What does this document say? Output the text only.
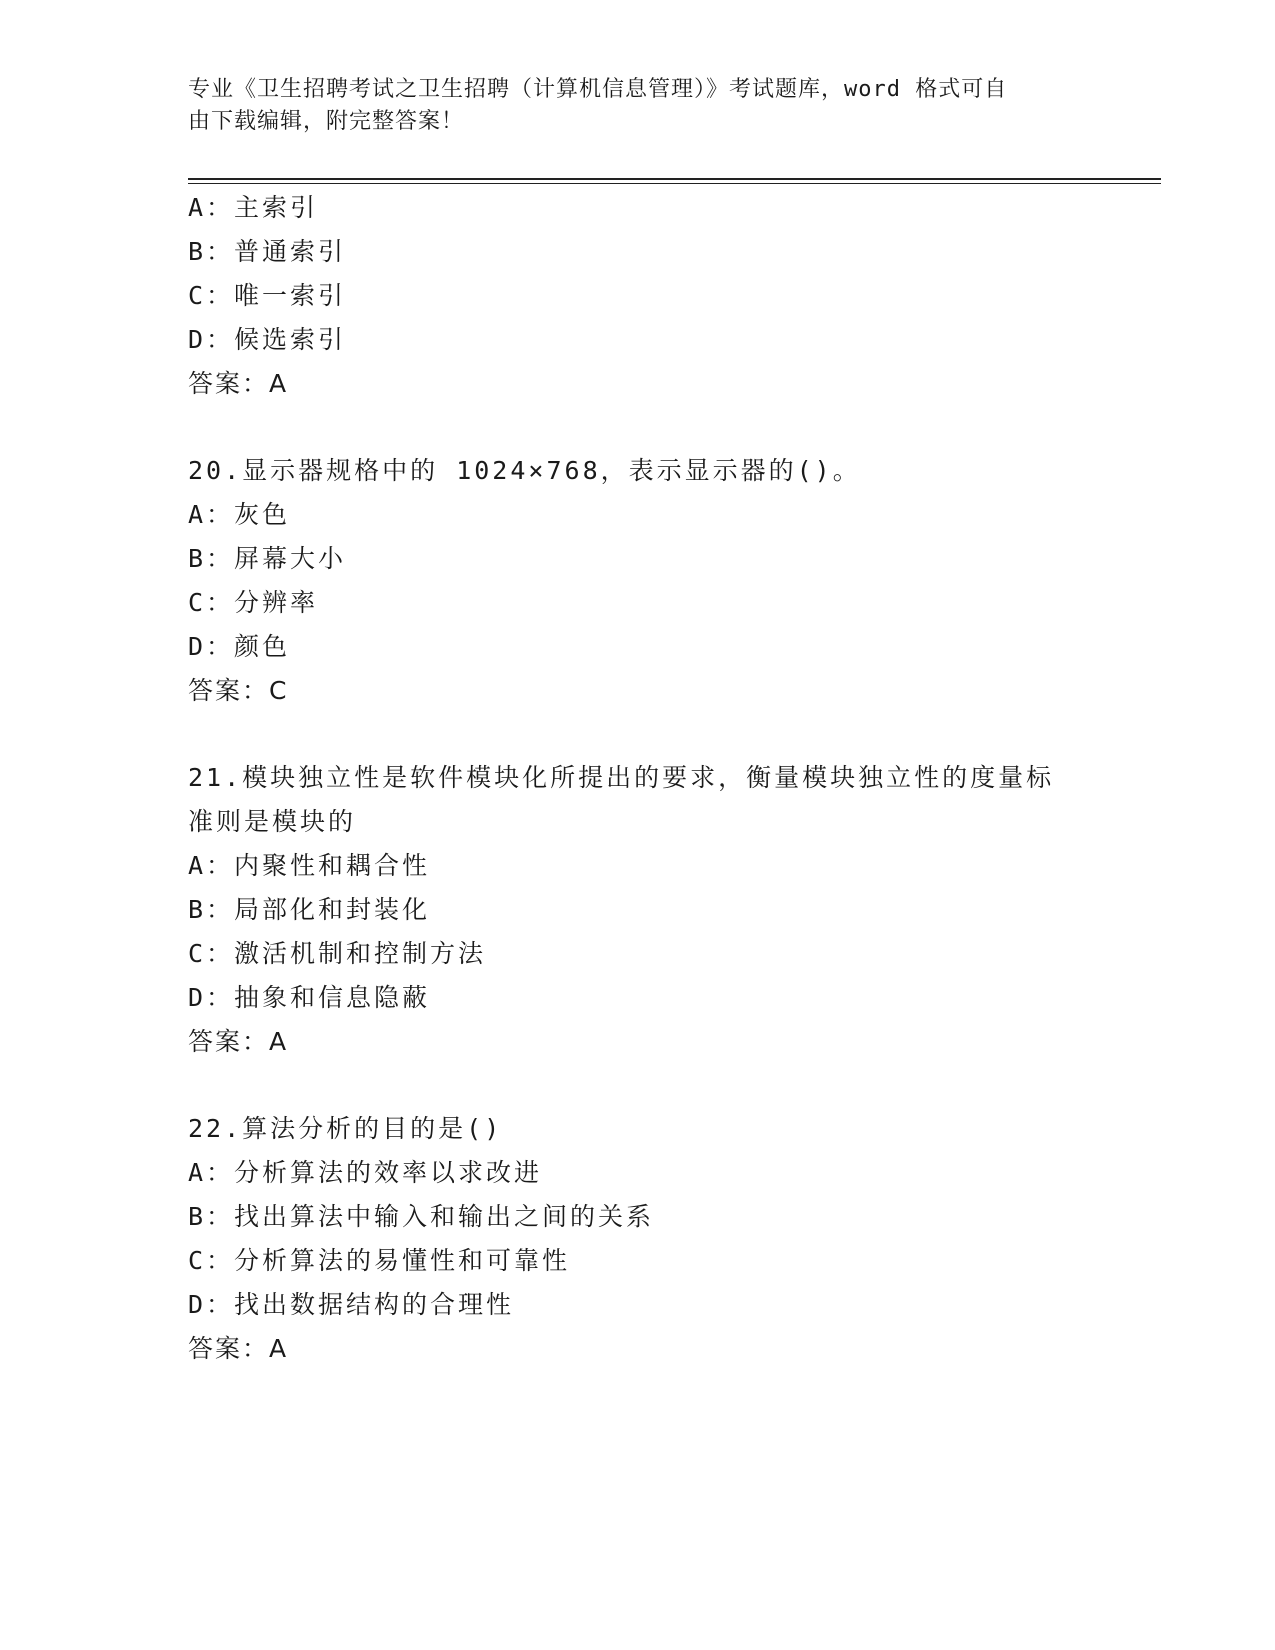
专业《卫生招聘考试之卫生招聘（计算机信息管理）》考试题库，word 格式可自
由下载编辑，附完整答案！
A：主索引
B：普通索引
C：唯一索引
D：候选索引
答案：A
20.显示器规格中的 1024×768，表示显示器的()。
A：灰色
B：屏幕大小
C：分辨率
D：颜色
答案：C
21.模块独立性是软件模块化所提出的要求，衡量模块独立性的度量标
准则是模块的
A：内聚性和耦合性
B：局部化和封装化
C：激活机制和控制方法
D：抽象和信息隐蔽
答案：A
22.算法分析的目的是()
A：分析算法的效率以求改进
B：找出算法中输入和输出之间的关系
C：分析算法的易懂性和可靠性
D：找出数据结构的合理性
答案：A
